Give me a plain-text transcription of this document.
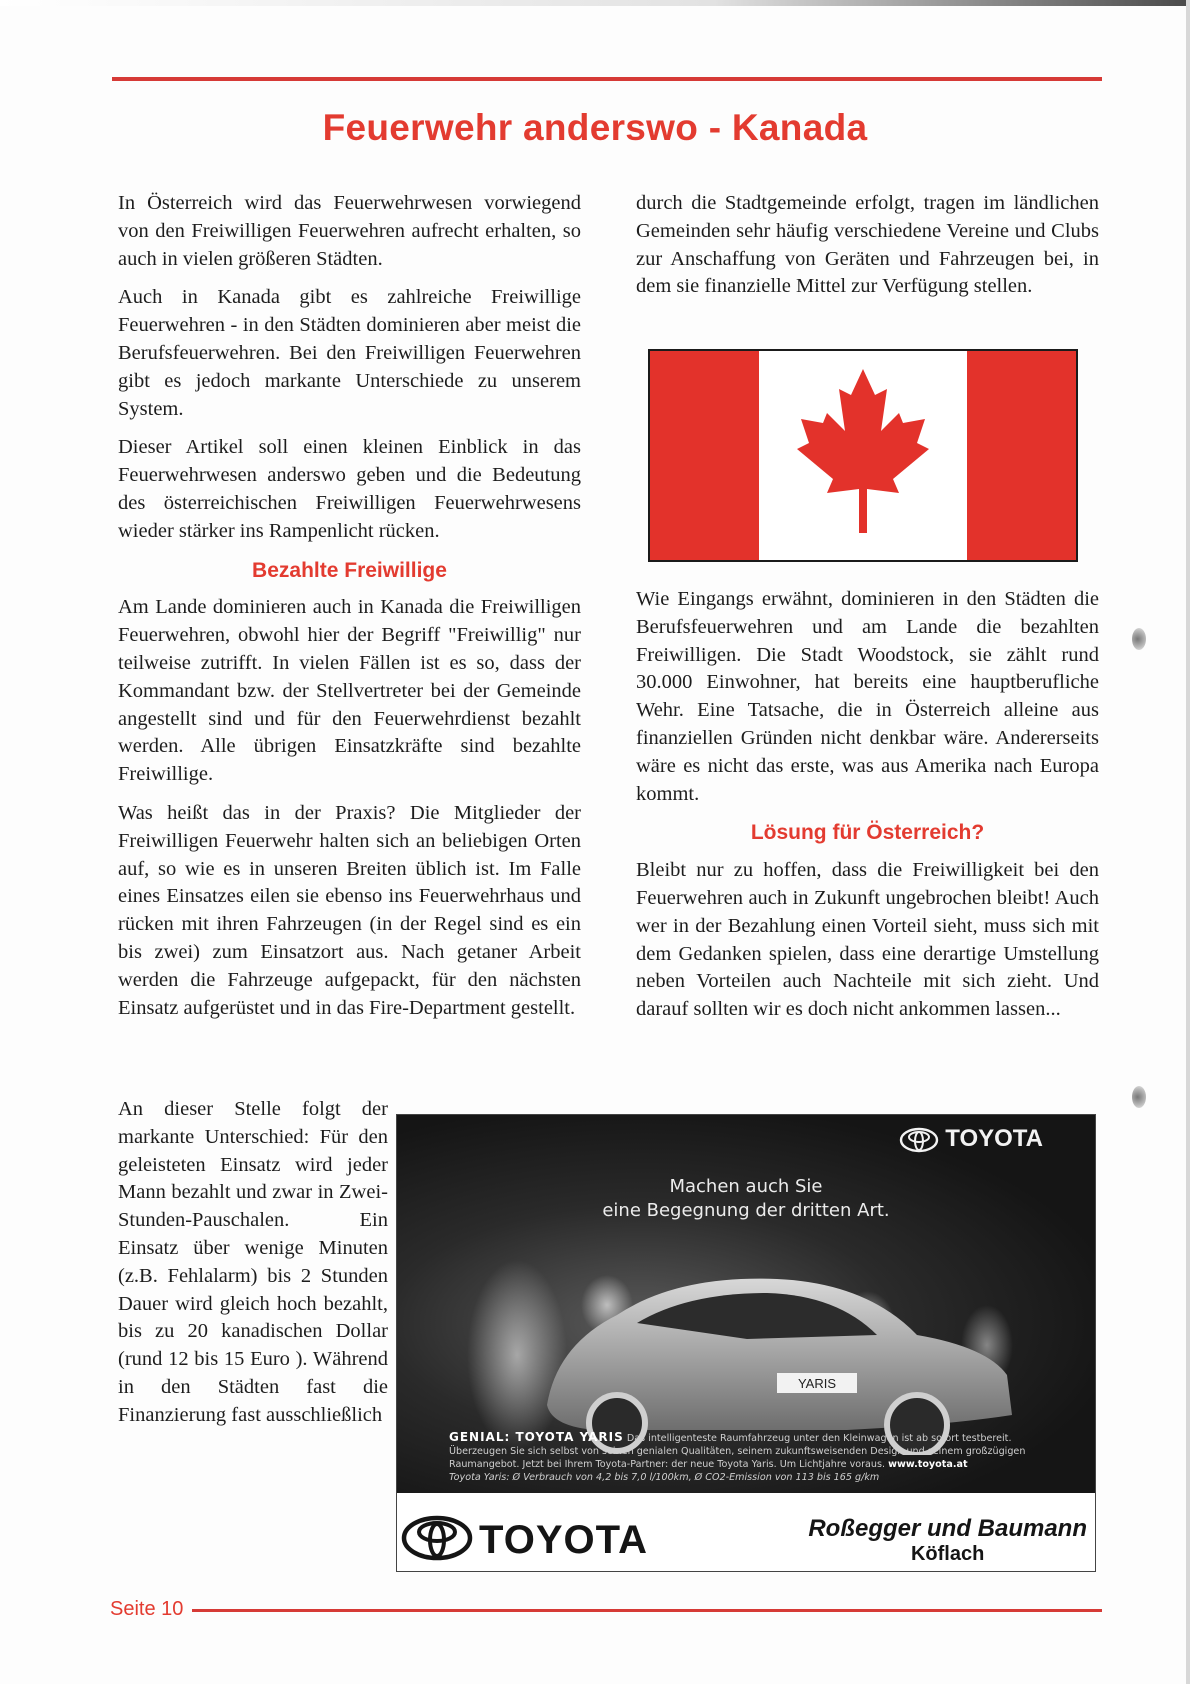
Feuerwehr anderswo - Kanada

In Österreich wird das Feuerwehrwesen vorwiegend von den Freiwilligen Feuerwehren aufrecht erhalten, so auch in vielen größeren Städten.

Auch in Kanada gibt es zahlreiche Freiwillige Feuerwehren - in den Städten dominieren aber meist die Berufsfeuerwehren. Bei den Freiwilligen Feuerwehren gibt es jedoch markante Unterschiede zu unserem System.

Dieser Artikel soll einen kleinen Einblick in das Feuerwehrwesen anderswo geben und die Bedeutung des österreichischen Freiwilligen Feuerwehrwesens wieder stärker ins Rampenlicht rücken.

Bezahlte Freiwillige

Am Lande dominieren auch in Kanada die Freiwilligen Feuerwehren, obwohl hier der Begriff "Freiwillig" nur teilweise zutrifft. In vielen Fällen ist es so, dass der Kommandant bzw. der Stellvertreter bei der Gemeinde angestellt sind und für den Feuerwehrdienst bezahlt werden. Alle übrigen Einsatzkräfte sind bezahlte Freiwillige.

Was heißt das in der Praxis? Die Mitglieder der Freiwilligen Feuerwehr halten sich an beliebigen Orten auf, so wie es in unseren Breiten üblich ist. Im Falle eines Einsatzes eilen sie ebenso ins Feuerwehrhaus und rücken mit ihren Fahrzeugen (in der Regel sind es ein bis zwei) zum Einsatzort aus. Nach getaner Arbeit werden die Fahrzeuge aufgepackt, für den nächsten Einsatz aufgerüstet und in das Fire-Department gestellt.

An dieser Stelle folgt der markante Unterschied: Für den geleisteten Einsatz wird jeder Mann bezahlt und zwar in Zwei-Stunden-Pauschalen. Ein Einsatz über wenige Minuten (z.B. Fehlalarm) bis 2 Stunden Dauer wird gleich hoch bezahlt, bis zu 20 kanadischen Dollar (rund 12 bis 15 Euro ). Während in den Städten fast die Finanzierung fast ausschließlich

durch die Stadtgemeinde erfolgt, tragen im ländlichen Gemeinden sehr häufig verschiedene Vereine und Clubs zur Anschaffung von Geräten und Fahrzeugen bei, in dem sie finanzielle Mittel zur Verfügung stellen.

Wie Eingangs erwähnt, dominieren in den Städten die Berufsfeuerwehren und am Lande die bezahlten Freiwilligen. Die Stadt Woodstock, sie zählt rund 30.000 Einwohner, hat bereits eine hauptberufliche Wehr. Eine Tatsache, die in Österreich alleine aus finanziellen Gründen nicht denkbar wäre. Andererseits wäre es nicht das erste, was aus Amerika nach Europa kommt.

Lösung für Österreich?

Bleibt nur zu hoffen, dass die Freiwilligkeit bei den Feuerwehren auch in Zukunft ungebrochen bleibt! Auch wer in der Bezahlung einen Vorteil sieht, muss sich mit dem Gedanken spielen, dass eine derartige Umstellung neben Vorteilen auch Nachteile mit sich zieht. Und darauf sollten wir es doch nicht ankommen lassen...

TOYOTA
Machen auch Sie
eine Begegnung der dritten Art.
YARIS
GENIAL: TOYOTA YARIS Das intelligenteste Raumfahrzeug unter den Kleinwagen ist ab sofort testbereit. Überzeugen Sie sich selbst von seinen genialen Qualitäten, seinem zukunftsweisenden Design und seinem großzügigen Raumangebot. Jetzt bei Ihrem Toyota-Partner: der neue Toyota Yaris. Um Lichtjahre voraus. www.toyota.at
Toyota Yaris: Ø Verbrauch von 4,2 bis 7,0 l/100km, Ø CO2-Emission von 113 bis 165 g/km
TOYOTA	Roßegger und Baumann
Köflach
Seite 10
